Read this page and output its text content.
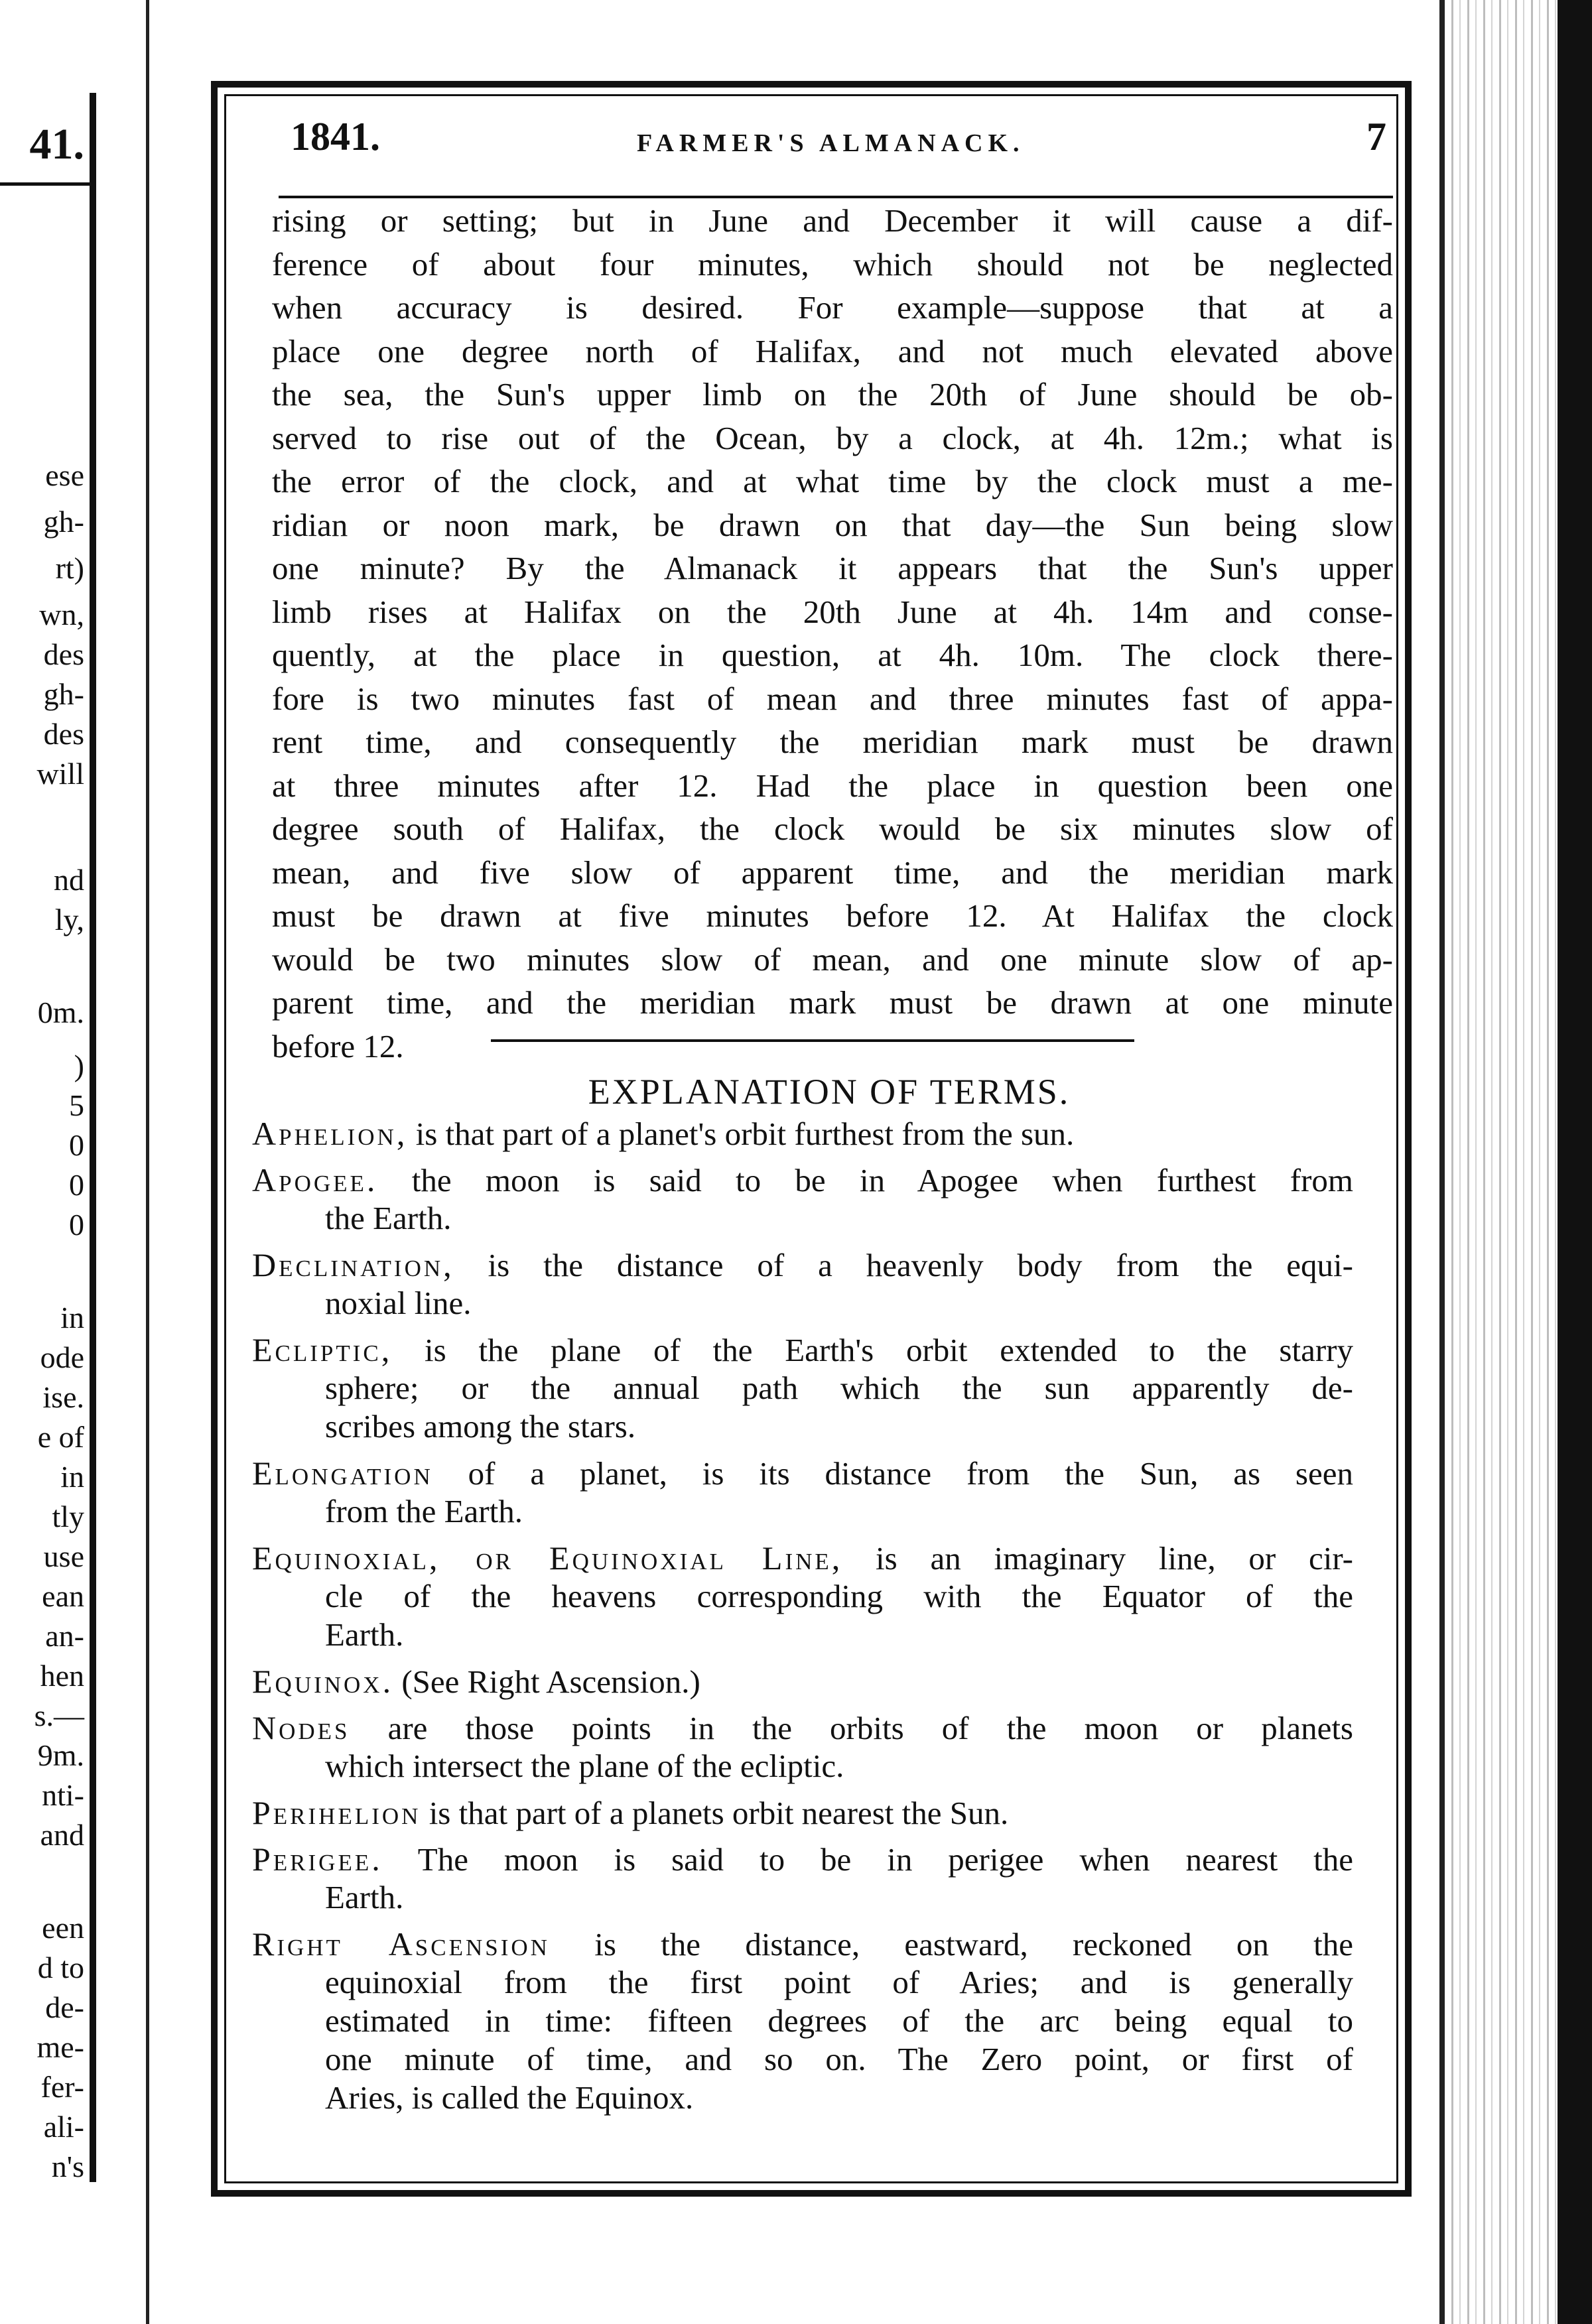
41.
ese
gh-
rt)
wn,
des
gh-
des
will
nd
ly,
0m.
)
5
0
0
0
in
ode
ise.
e of
in
tly
use
ean
an-
hen
s.—
9m.
nti-
and
een
d to
de-
me-
fer-
ali-
n's
1841.	FARMER'S ALMANACK.	7
rising or setting; but in June and December it will cause a dif-
ference of about four minutes, which should not be neglected
when accuracy is desired. For example—suppose that at a
place one degree north of Halifax, and not much elevated above
the sea, the Sun's upper limb on the 20th of June should be ob-
served to rise out of the Ocean, by a clock, at 4h. 12m.; what is
the error of the clock, and at what time by the clock must a me-
ridian or noon mark, be drawn on that day—the Sun being slow
one minute? By the Almanack it appears that the Sun's upper
limb rises at Halifax on the 20th June at 4h. 14m and conse-
quently, at the place in question, at 4h. 10m. The clock there-
fore is two minutes fast of mean and three minutes fast of appa-
rent time, and consequently the meridian mark must be drawn
at three minutes after 12. Had the place in question been one
degree south of Halifax, the clock would be six minutes slow of
mean, and five slow of apparent time, and the meridian mark
must be drawn at five minutes before 12. At Halifax the clock
would be two minutes slow of mean, and one minute slow of ap-
parent time, and the meridian mark must be drawn at one minute
before 12.
EXPLANATION OF TERMS.
Aphelion, is that part of a planet's orbit furthest from the sun.
Apogee. the moon is said to be in Apogee when furthest from
the Earth.
Declination, is the distance of a heavenly body from the equi-
noxial line.
Ecliptic, is the plane of the Earth's orbit extended to the starry
sphere; or the annual path which the sun apparently de-
scribes among the stars.
Elongation of a planet, is its distance from the Sun, as seen
from the Earth.
Equinoxial, or Equinoxial Line, is an imaginary line, or cir-
cle of the heavens corresponding with the Equator of the
Earth.
Equinox. (See Right Ascension.)
Nodes are those points in the orbits of the moon or planets
which intersect the plane of the ecliptic.
Perihelion is that part of a planets orbit nearest the Sun.
Perigee. The moon is said to be in perigee when nearest the
Earth.
Right Ascension is the distance, eastward, reckoned on the
equinoxial from the first point of Aries; and is generally
estimated in time: fifteen degrees of the arc being equal to
one minute of time, and so on. The Zero point, or first of
Aries, is called the Equinox.
